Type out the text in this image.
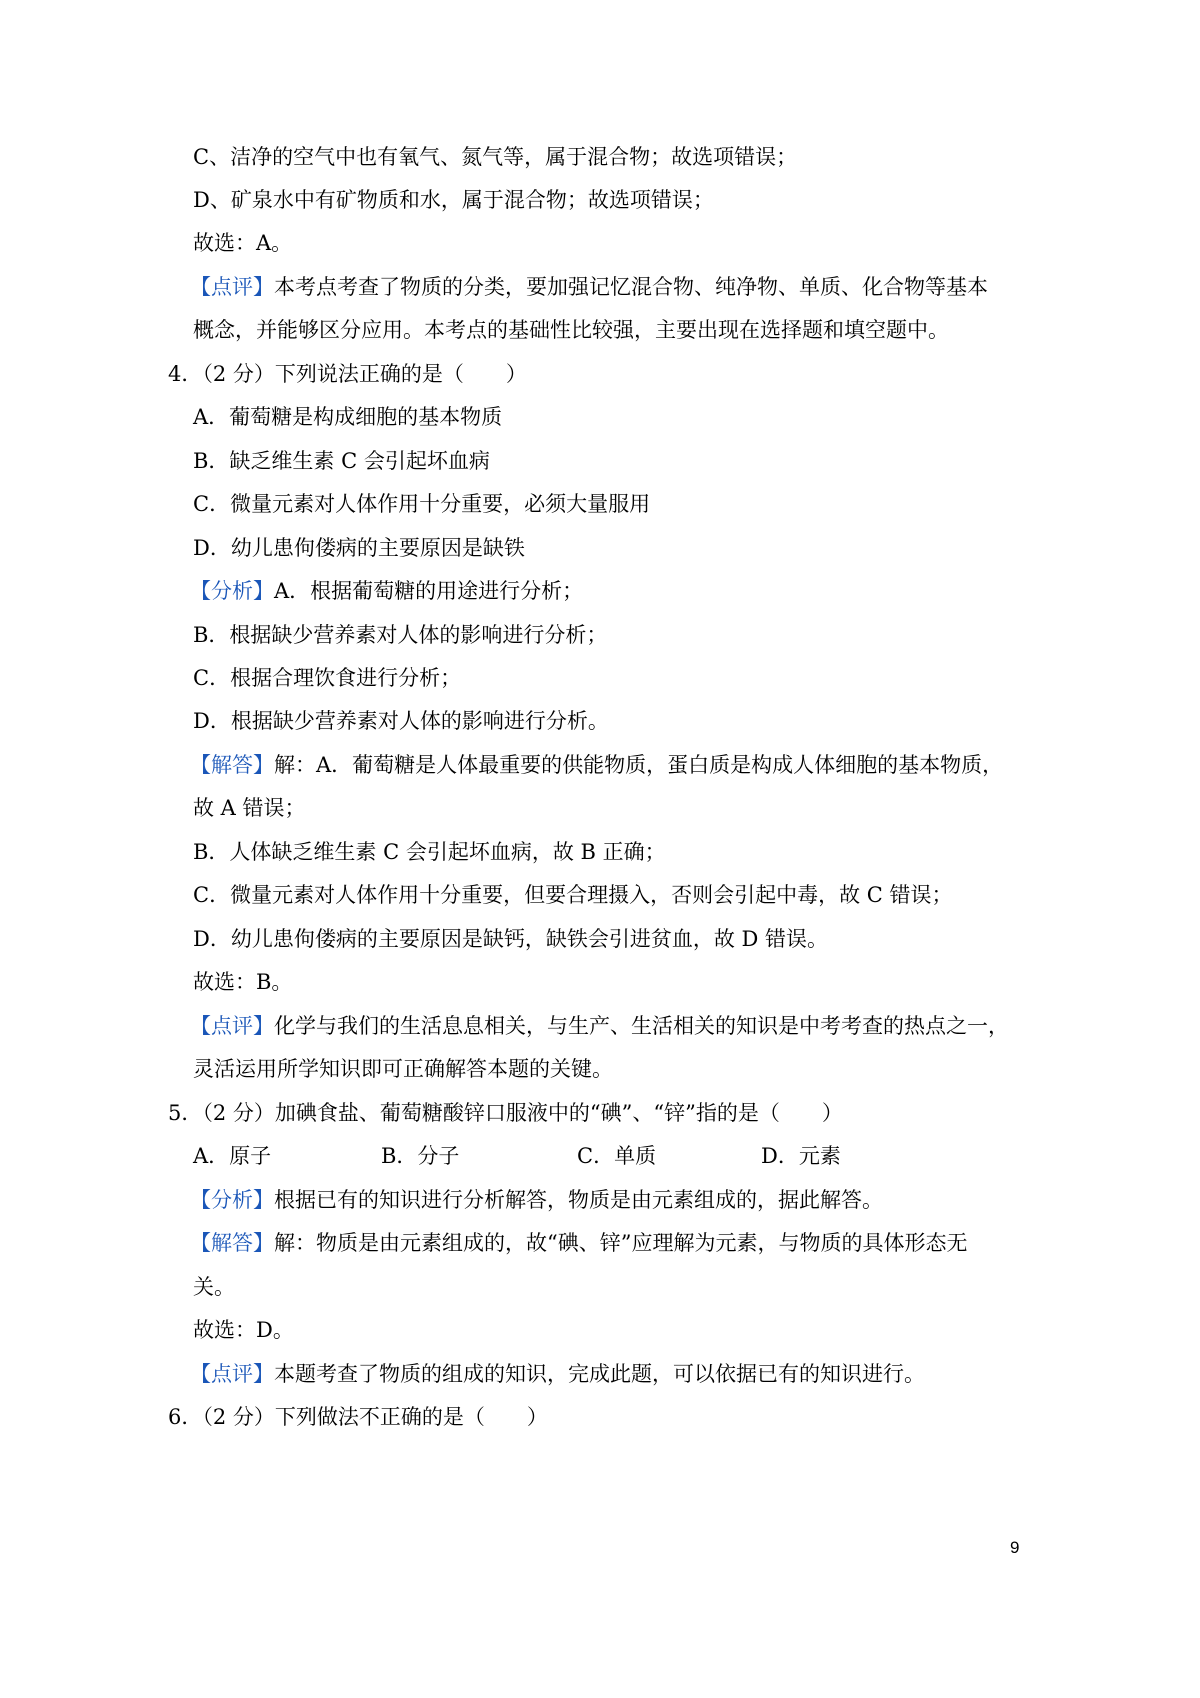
C、洁净的空气中也有氧气、氮气等，属于混合物；故选项错误；
D、矿泉水中有矿物质和水，属于混合物；故选项错误；
故选：A。
【点评】本考点考查了物质的分类，要加强记忆混合物、纯净物、单质、化合物等基本
概念，并能够区分应用。本考点的基础性比较强，主要出现在选择题和填空题中。
4．（2 分）下列说法正确的是（　　）
A．葡萄糖是构成细胞的基本物质
B．缺乏维生素 C 会引起坏血病
C．微量元素对人体作用十分重要，必须大量服用
D．幼儿患佝偻病的主要原因是缺铁
【分析】A．根据葡萄糖的用途进行分析；
B．根据缺少营养素对人体的影响进行分析；
C．根据合理饮食进行分析；
D．根据缺少营养素对人体的影响进行分析。
【解答】解：A．葡萄糖是人体最重要的供能物质，蛋白质是构成人体细胞的基本物质，
故 A 错误；
B．人体缺乏维生素 C 会引起坏血病，故 B 正确；
C．微量元素对人体作用十分重要，但要合理摄入，否则会引起中毒，故 C 错误；
D．幼儿患佝偻病的主要原因是缺钙，缺铁会引进贫血，故 D 错误。
故选：B。
【点评】化学与我们的生活息息相关，与生产、生活相关的知识是中考考查的热点之一，
灵活运用所学知识即可正确解答本题的关键。
5．（2 分）加碘食盐、葡萄糖酸锌口服液中的“碘”、“锌”指的是（　　）
A．原子	B．分子	C．单质	D．元素
【分析】根据已有的知识进行分析解答，物质是由元素组成的，据此解答。
【解答】解：物质是由元素组成的，故“碘、锌”应理解为元素，与物质的具体形态无
关。
故选：D。
【点评】本题考查了物质的组成的知识，完成此题，可以依据已有的知识进行。
6．（2 分）下列做法不正确的是（　　）
9
